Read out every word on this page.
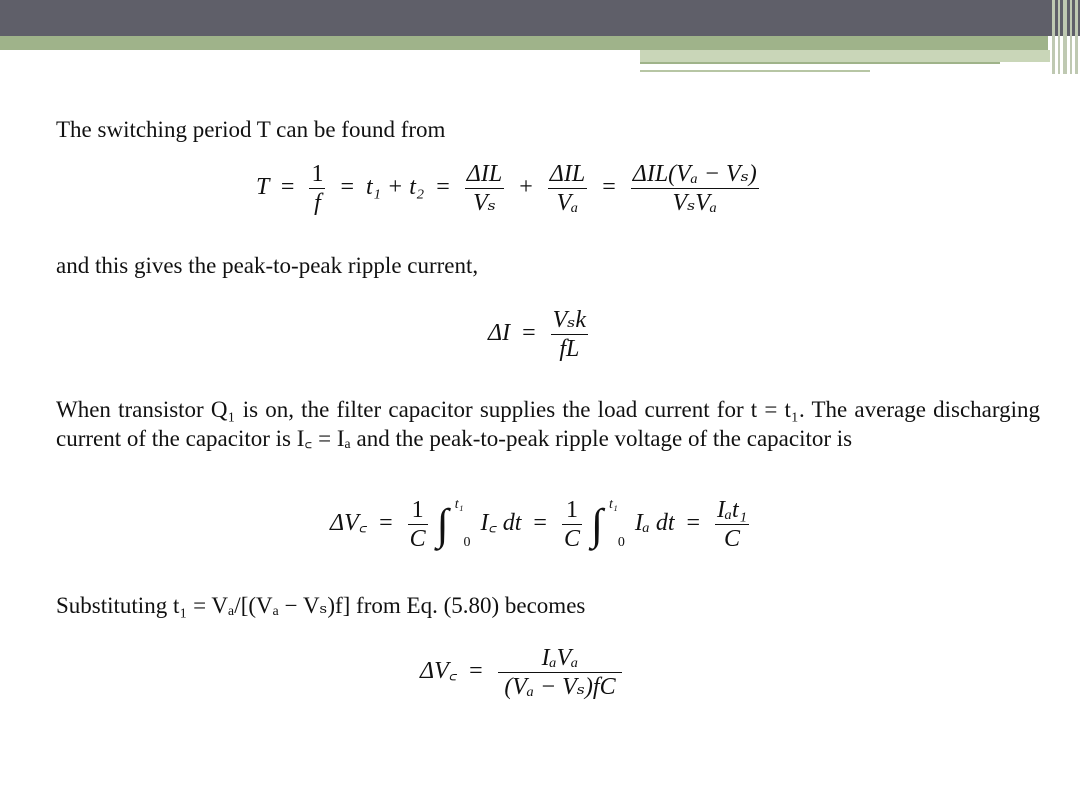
The switching period T can be found from
$T = \frac{1}{f} = t_1 + t_2 = \frac{\text{ΔIL}}{\text{Vₛ}} + \frac{\text{ΔIL}}{\text{Vₐ}} = \frac{\text{ΔIL(Vₐ − Vₛ)}}{\text{VₛVₐ}}$
and this gives the peak-to-peak ripple current,
$\Delta I = \frac{\text{Vₛk}}{fL}$
When transistor Q₁ is on, the filter capacitor supplies the load current for t = t₁. The average discharging current of the capacitor is I꜀ = Iₐ and the peak-to-peak ripple voltage of the capacitor is
ΔV꜀ = $\frac{1}{C}$ ∫ $^{t_1}$ $_0$ I꜀ dt = $\frac{1}{C}$ ∫ $^{t_1}$ $_0$ Iₐ dt = $\frac{\text{Iₐt₁}}{C}$
Substituting t₁ = Vₐ/[(Vₐ − Vₛ)f] from Eq. (5.80) becomes
ΔV꜀ = $\frac{\text{IₐVₐ}}{\text{(Vₐ − Vₛ)fC}}$
